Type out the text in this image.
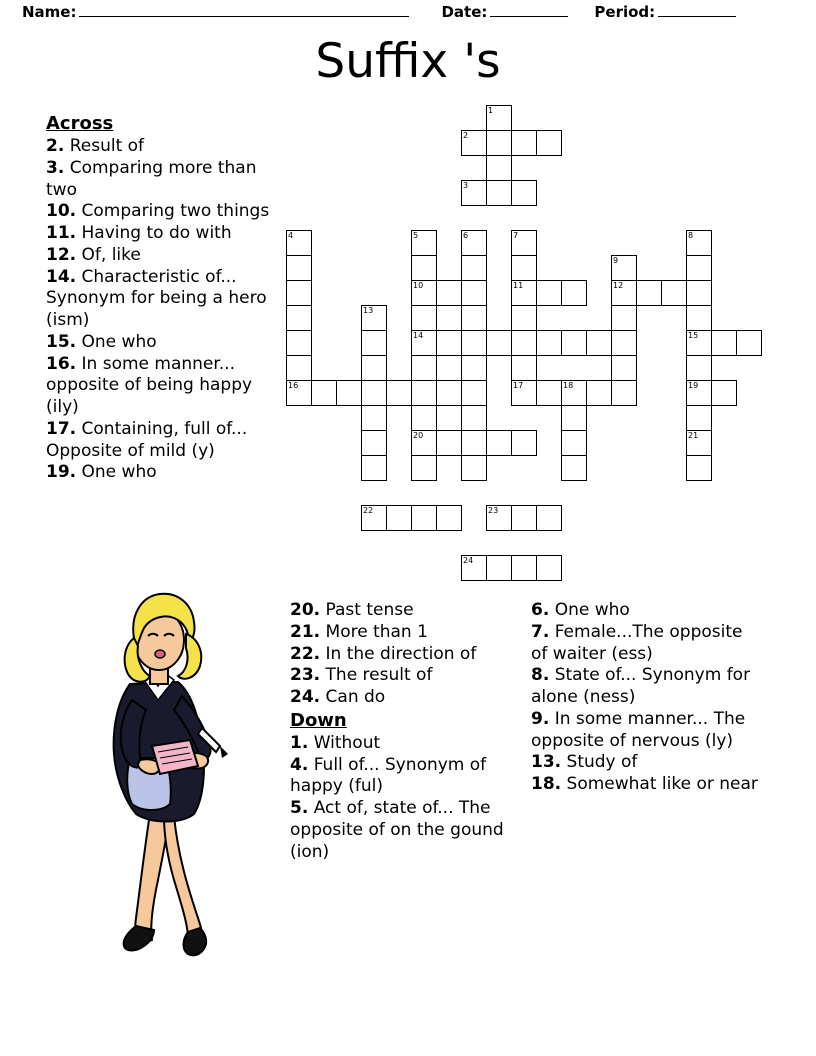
Name:	Date:	Period:
Suffix 's
Across
2. Result of
3. Comparing more than two
10. Comparing two things
11. Having to do with
12. Of, like
14. Characteristic of... Synonym for being a hero (ism)
15. One who
16. In some manner... opposite of being happy (ily)
17. Containing, full of... Opposite of mild (y)
19. One who
20. Past tense
21. More than 1
22. In the direction of
23. The result of
24. Can do
Down
1. Without
4. Full of... Synonym of happy (ful)
5. Act of, state of... The opposite of on the gound (ion)
6. One who
7. Female...The opposite of waiter (ess)
8. State of... Synonym for alone (ness)
9. In some manner... The opposite of nervous (ly)
13. Study of
18. Somewhat like or near
1
2
3
4	5	6	7	8
9
10	11	12
13
14	15
16	17	18	19
20	21
22	23
24
